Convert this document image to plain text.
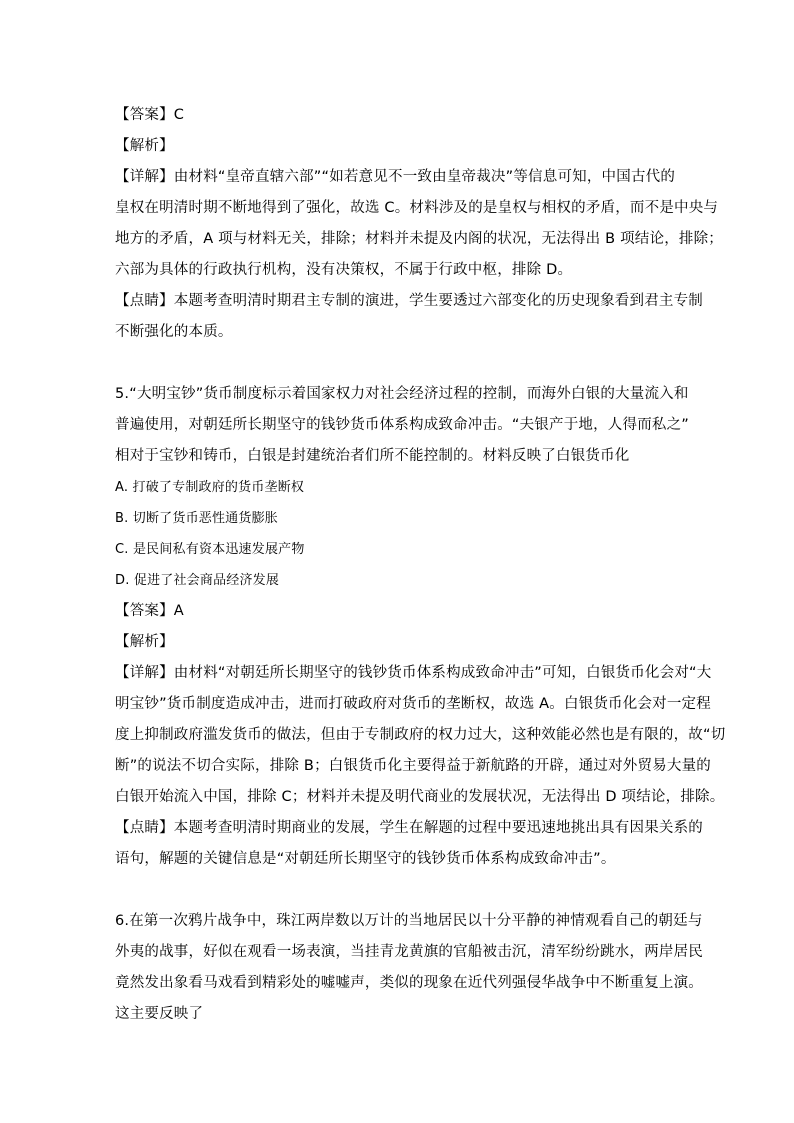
【答案】C
【解析】
【详解】由材料“皇帝直辖六部”“如若意见不一致由皇帝裁决”等信息可知，中国古代的
皇权在明清时期不断地得到了强化，故选 C。材料涉及的是皇权与相权的矛盾，而不是中央与
地方的矛盾，A 项与材料无关，排除；材料并未提及内阁的状况，无法得出 B 项结论，排除；
六部为具体的行政执行机构，没有决策权，不属于行政中枢，排除 D。
【点睛】本题考查明清时期君主专制的演进，学生要透过六部变化的历史现象看到君主专制
不断强化的本质。
5.“大明宝钞”货币制度标示着国家权力对社会经济过程的控制，而海外白银的大量流入和
普遍使用，对朝廷所长期坚守的钱钞货币体系构成致命冲击。“夫银产于地，人得而私之”
相对于宝钞和铸币，白银是封建统治者们所不能控制的。材料反映了白银货币化
A. 打破了专制政府的货币垄断权
B. 切断了货币恶性通货膨胀
C. 是民间私有资本迅速发展产物
D. 促进了社会商品经济发展
【答案】A
【解析】
【详解】由材料“对朝廷所长期坚守的钱钞货币体系构成致命冲击”可知，白银货币化会对“大
明宝钞”货币制度造成冲击，进而打破政府对货币的垄断权，故选 A。白银货币化会对一定程
度上抑制政府滥发货币的做法，但由于专制政府的权力过大，这种效能必然也是有限的，故“切
断”的说法不切合实际，排除 B；白银货币化主要得益于新航路的开辟，通过对外贸易大量的
白银开始流入中国，排除 C；材料并未提及明代商业的发展状况，无法得出 D 项结论，排除。
【点睛】本题考查明清时期商业的发展，学生在解题的过程中要迅速地挑出具有因果关系的
语句，解题的关键信息是“对朝廷所长期坚守的钱钞货币体系构成致命冲击”。
6.在第一次鸦片战争中，珠江两岸数以万计的当地居民以十分平静的神情观看自己的朝廷与
外夷的战事，好似在观看一场表演，当挂青龙黄旗的官船被击沉，清军纷纷跳水，两岸居民
竟然发出象看马戏看到精彩处的嘘嘘声，类似的现象在近代列强侵华战争中不断重复上演。
这主要反映了
